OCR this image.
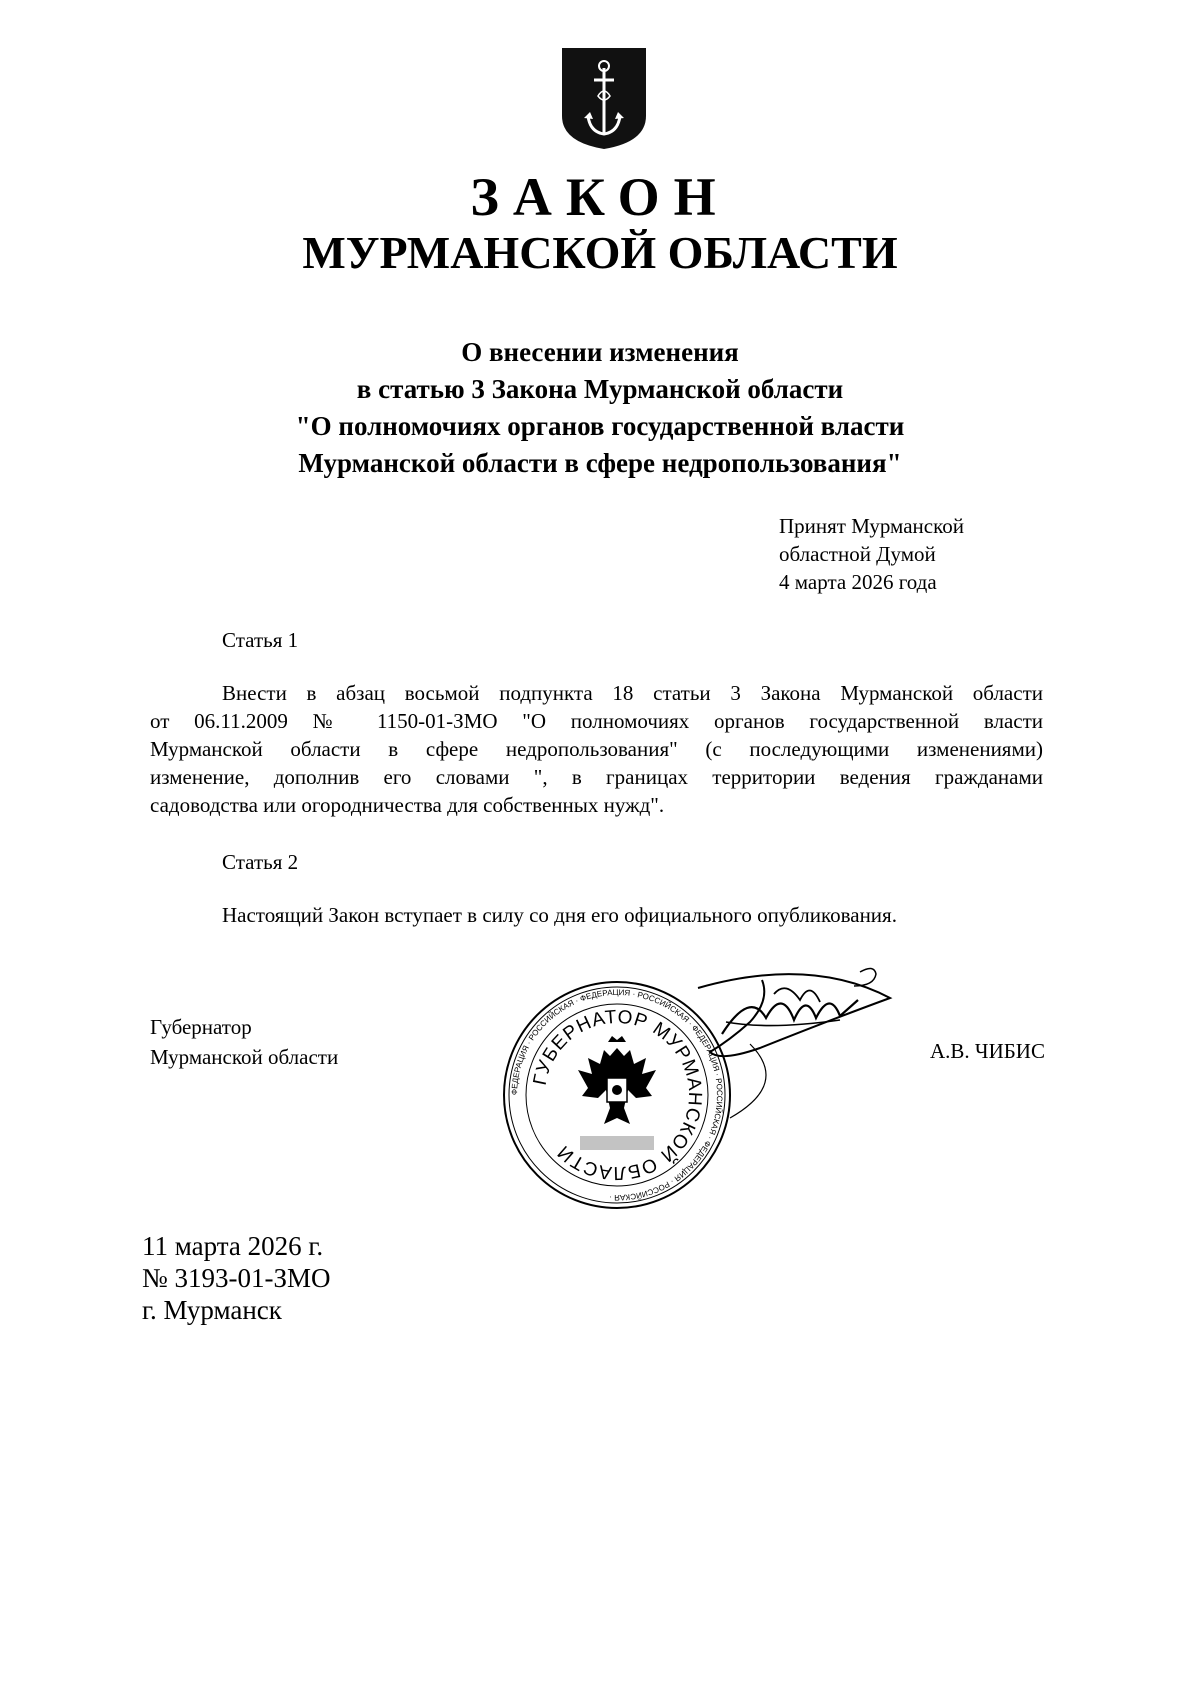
ЗАКОН
МУРМАНСКОЙ ОБЛАСТИ
О внесении изменения
в статью 3 Закона Мурманской области
"О полномочиях органов государственной власти
Мурманской области в сфере недропользования"
Принят Мурманской
областной Думой
4 марта 2026 года
Статья 1
Внести в абзац восьмой подпункта 18 статьи 3 Закона Мурманской области
от 06.11.2009 № 1150-01-ЗМО "О полномочиях органов государственной власти
Мурманской области в сфере недропользования" (с последующими изменениями)
изменение, дополнив его словами ", в границах территории ведения гражданами
садоводства или огородничества для собственных нужд".
Статья 2
Настоящий Закон вступает в силу со дня его официального опубликования.
Губернатор
Мурманской области
ФЕДЕРАЦИЯ · РОССИЙСКАЯ · ФЕДЕРАЦИЯ · РОССИЙСКАЯ · ФЕДЕРАЦИЯ · РОССИЙСКАЯ · ФЕДЕРАЦИЯ · РОССИЙСКАЯ ·
ГУБЕРНАТОР МУРМАНСКОЙ ОБЛАСТИ
А.В. ЧИБИС
11 марта 2026 г.
№ 3193-01-ЗМО
г. Мурманск
